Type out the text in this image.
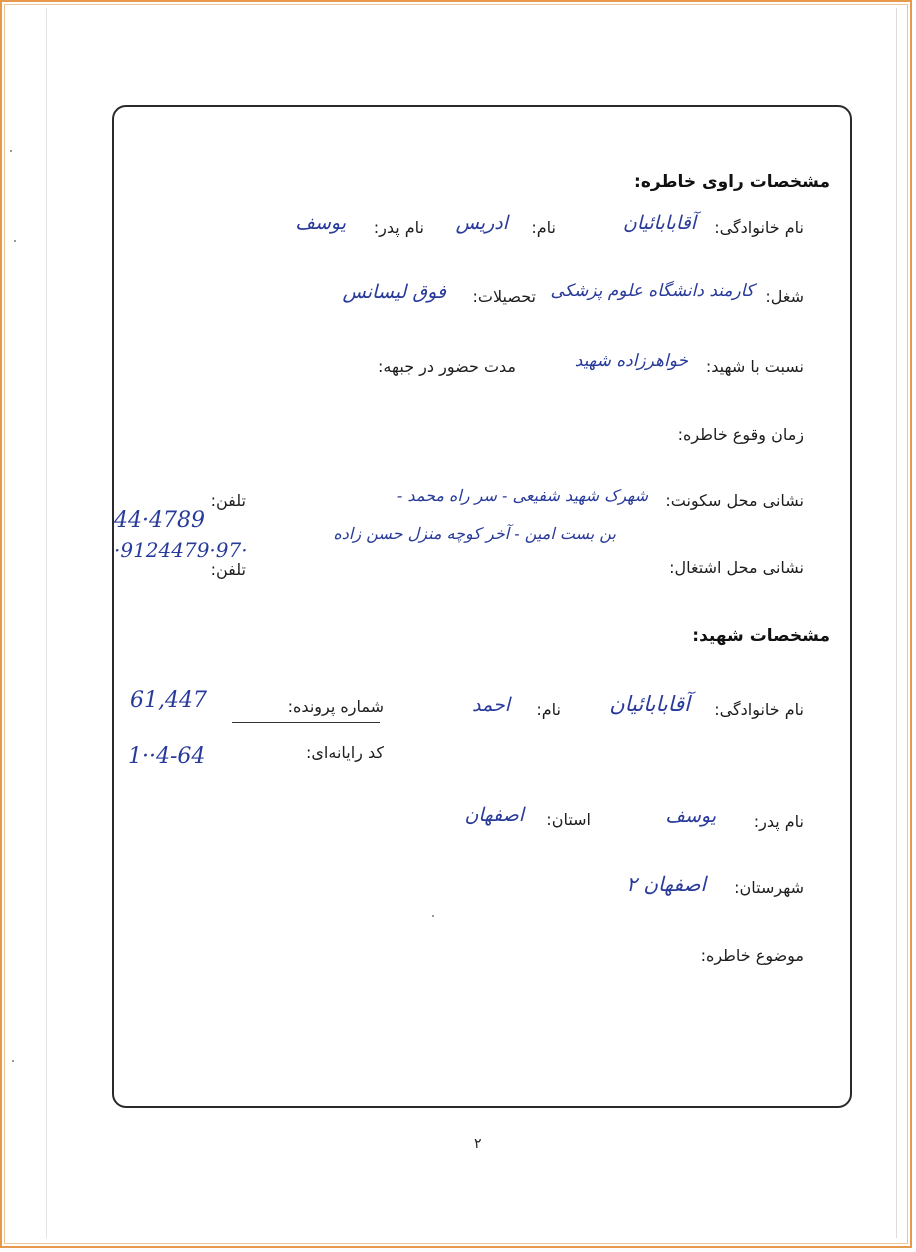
مشخصات راوی خاطره:
نام خانوادگی:
آقابابائیان
نام:
ادریس
نام پدر:
یوسف
شغل:
کارمند دانشگاه علوم پزشکی
تحصیلات:
فوق لیسانس
نسبت با شهید:
خواهرزاده شهید
مدت حضور در جبهه:
زمان وقوع خاطره:
نشانی محل سکونت:
شهرک شهید شفیعی - سر راه محمد -
بن بست امین - آخر کوچه منزل حسن زاده
تلفن:
44·4789
·9124479·97·
نشانی محل اشتغال:
تلفن:
مشخصات شهید:
نام خانوادگی:
آقابابائیان
نام:
احمد
شماره پرونده:
61,447
کد رایانه‌ای:
1··4-64
نام پدر:
یوسف
استان:
اصفهان
شهرستان:
اصفهان ۲
موضوع خاطره:
۲
